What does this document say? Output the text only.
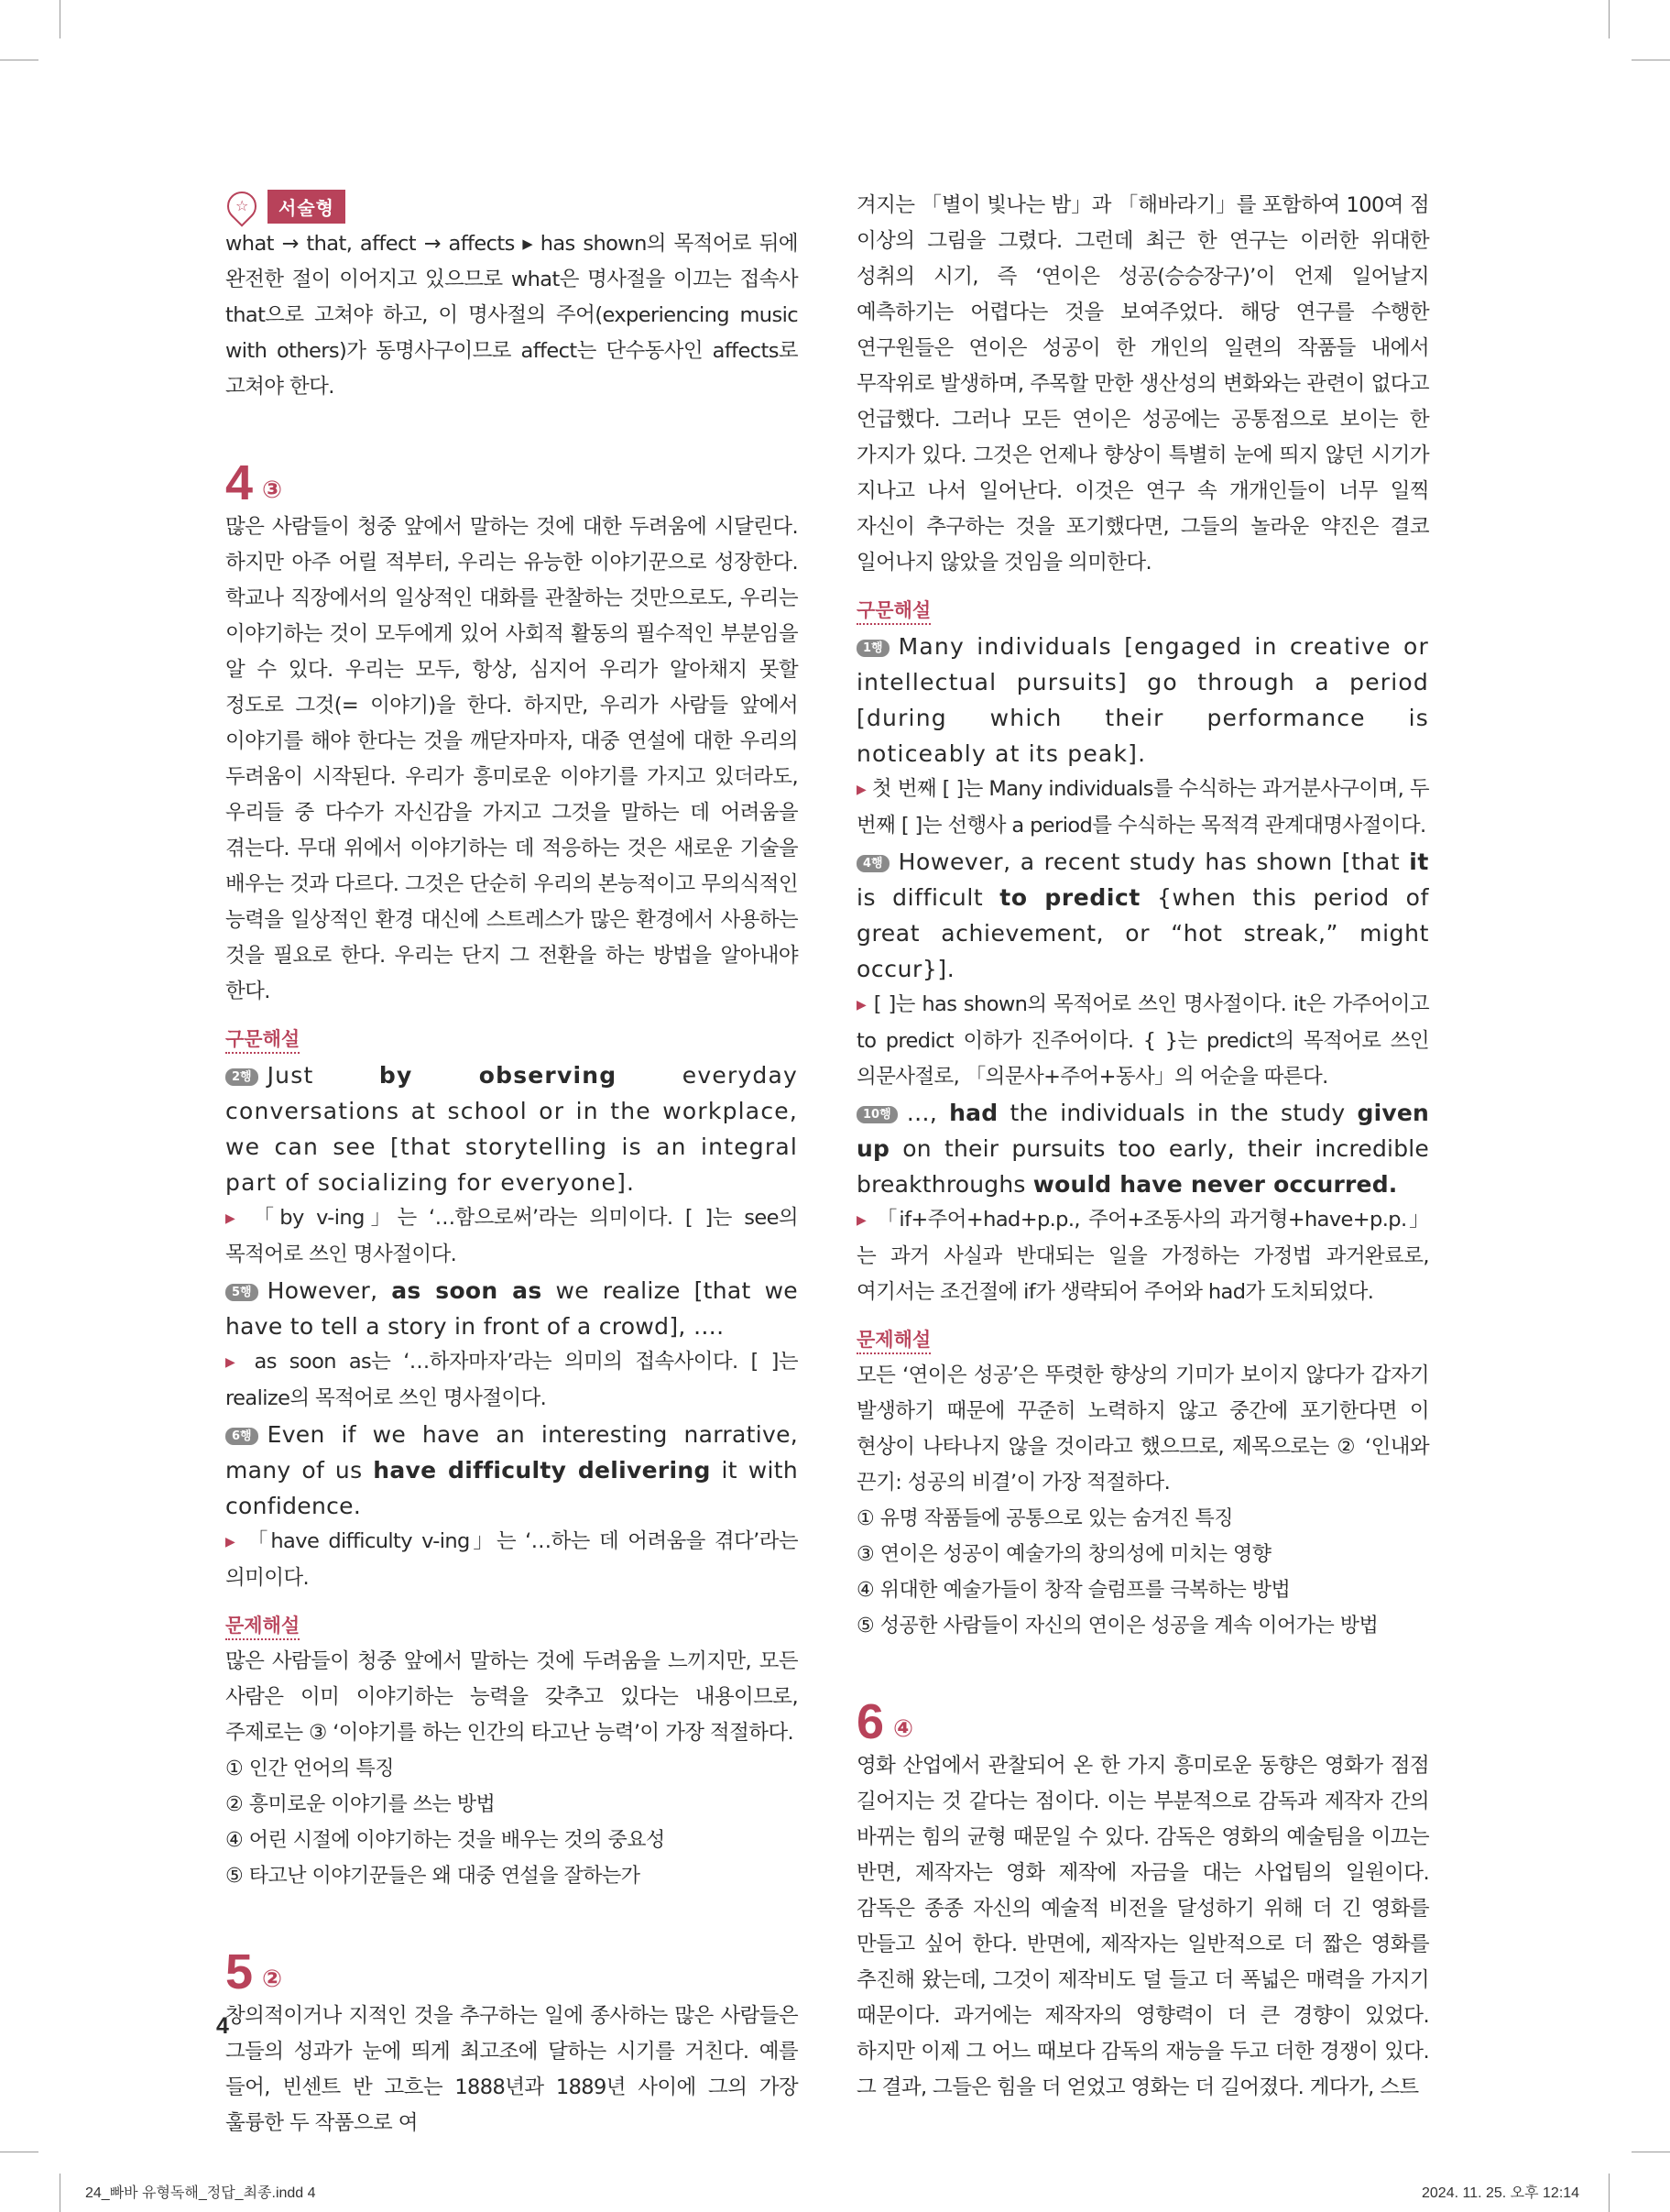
☆	서술형

what → that, affect → affects ▸ has shown의 목적어로 뒤에 완전한 절이 이어지고 있으므로 what은 명사절을 이끄는 접속사 that으로 고쳐야 하고, 이 명사절의 주어(experiencing music with others)가 동명사구이므로 affect는 단수동사인 affects로 고쳐야 한다.

4 ③

많은 사람들이 청중 앞에서 말하는 것에 대한 두려움에 시달린다. 하지만 아주 어릴 적부터, 우리는 유능한 이야기꾼으로 성장한다. 학교나 직장에서의 일상적인 대화를 관찰하는 것만으로도, 우리는 이야기하는 것이 모두에게 있어 사회적 활동의 필수적인 부분임을 알 수 있다. 우리는 모두, 항상, 심지어 우리가 알아채지 못할 정도로 그것(= 이야기)을 한다. 하지만, 우리가 사람들 앞에서 이야기를 해야 한다는 것을 깨닫자마자, 대중 연설에 대한 우리의 두려움이 시작된다. 우리가 흥미로운 이야기를 가지고 있더라도, 우리들 중 다수가 자신감을 가지고 그것을 말하는 데 어려움을 겪는다. 무대 위에서 이야기하는 데 적응하는 것은 새로운 기술을 배우는 것과 다르다. 그것은 단순히 우리의 본능적이고 무의식적인 능력을 일상적인 환경 대신에 스트레스가 많은 환경에서 사용하는 것을 필요로 한다. 우리는 단지 그 전환을 하는 방법을 알아내야 한다.

구문해설

2행 Just by observing everyday conversations at school or in the workplace, we can see [that storytelling is an integral part of socializing for everyone].

▶ 「by v-ing」는 ‘…함으로써’라는 의미이다. [ ]는 see의 목적어로 쓰인 명사절이다.

5행 However, as soon as we realize [that we have to tell a story in front of a crowd], ….

▶ as soon as는 ‘…하자마자’라는 의미의 접속사이다. [ ]는 realize의 목적어로 쓰인 명사절이다.

6행 Even if we have an interesting narrative, many of us have difficulty delivering it with confidence.

▶ 「have difficulty v-ing」는 ‘…하는 데 어려움을 겪다’라는 의미이다.

문제해설

많은 사람들이 청중 앞에서 말하는 것에 두려움을 느끼지만, 모든 사람은 이미 이야기하는 능력을 갖추고 있다는 내용이므로, 주제로는 ③ ‘이야기를 하는 인간의 타고난 능력’이 가장 적절하다.

① 인간 언어의 특징

② 흥미로운 이야기를 쓰는 방법

④ 어린 시절에 이야기하는 것을 배우는 것의 중요성

⑤ 타고난 이야기꾼들은 왜 대중 연설을 잘하는가

5 ②

창의적이거나 지적인 것을 추구하는 일에 종사하는 많은 사람들은 그들의 성과가 눈에 띄게 최고조에 달하는 시기를 거친다. 예를 들어, 빈센트 반 고흐는 1888년과 1889년 사이에 그의 가장 훌륭한 두 작품으로 여

겨지는 「별이 빛나는 밤」과 「해바라기」를 포함하여 100여 점 이상의 그림을 그렸다. 그런데 최근 한 연구는 이러한 위대한 성취의 시기, 즉 ‘연이은 성공(승승장구)’이 언제 일어날지 예측하기는 어렵다는 것을 보여주었다. 해당 연구를 수행한 연구원들은 연이은 성공이 한 개인의 일련의 작품들 내에서 무작위로 발생하며, 주목할 만한 생산성의 변화와는 관련이 없다고 언급했다. 그러나 모든 연이은 성공에는 공통점으로 보이는 한 가지가 있다. 그것은 언제나 향상이 특별히 눈에 띄지 않던 시기가 지나고 나서 일어난다. 이것은 연구 속 개개인들이 너무 일찍 자신이 추구하는 것을 포기했다면, 그들의 놀라운 약진은 결코 일어나지 않았을 것임을 의미한다.

구문해설

1행 Many individuals [engaged in creative or intellectual pursuits] go through a period [during which their performance is noticeably at its peak].

▶ 첫 번째 [ ]는 Many individuals를 수식하는 과거분사구이며, 두 번째 [ ]는 선행사 a period를 수식하는 목적격 관계대명사절이다.

4행 However, a recent study has shown [that it is difficult to predict {when this period of great achievement, or “hot streak,” might occur}].

▶ [ ]는 has shown의 목적어로 쓰인 명사절이다. it은 가주어이고 to predict 이하가 진주어이다. { }는 predict의 목적어로 쓰인 의문사절로, 「의문사+주어+동사」의 어순을 따른다.

10행 …, had the individuals in the study given up on their pursuits too early, their incredible breakthroughs would have never occurred.

▶ 「if+주어+had+p.p., 주어+조동사의 과거형+have+p.p.」는 과거 사실과 반대되는 일을 가정하는 가정법 과거완료로, 여기서는 조건절에 if가 생략되어 주어와 had가 도치되었다.

문제해설

모든 ‘연이은 성공’은 뚜렷한 향상의 기미가 보이지 않다가 갑자기 발생하기 때문에 꾸준히 노력하지 않고 중간에 포기한다면 이 현상이 나타나지 않을 것이라고 했으므로, 제목으로는 ② ‘인내와 끈기: 성공의 비결’이 가장 적절하다.

① 유명 작품들에 공통으로 있는 숨겨진 특징

③ 연이은 성공이 예술가의 창의성에 미치는 영향

④ 위대한 예술가들이 창작 슬럼프를 극복하는 방법

⑤ 성공한 사람들이 자신의 연이은 성공을 계속 이어가는 방법

6 ④

영화 산업에서 관찰되어 온 한 가지 흥미로운 동향은 영화가 점점 길어지는 것 같다는 점이다. 이는 부분적으로 감독과 제작자 간의 바뀌는 힘의 균형 때문일 수 있다. 감독은 영화의 예술팀을 이끄는 반면, 제작자는 영화 제작에 자금을 대는 사업팀의 일원이다. 감독은 종종 자신의 예술적 비전을 달성하기 위해 더 긴 영화를 만들고 싶어 한다. 반면에, 제작자는 일반적으로 더 짧은 영화를 추진해 왔는데, 그것이 제작비도 덜 들고 더 폭넓은 매력을 가지기 때문이다. 과거에는 제작자의 영향력이 더 큰 경향이 있었다. 하지만 이제 그 어느 때보다 감독의 재능을 두고 더한 경쟁이 있다. 그 결과, 그들은 힘을 더 얻었고 영화는 더 길어졌다. 게다가, 스트

4
24_빠바 유형독해_정답_최종.indd 4	2024. 11. 25. 오후 12:14
